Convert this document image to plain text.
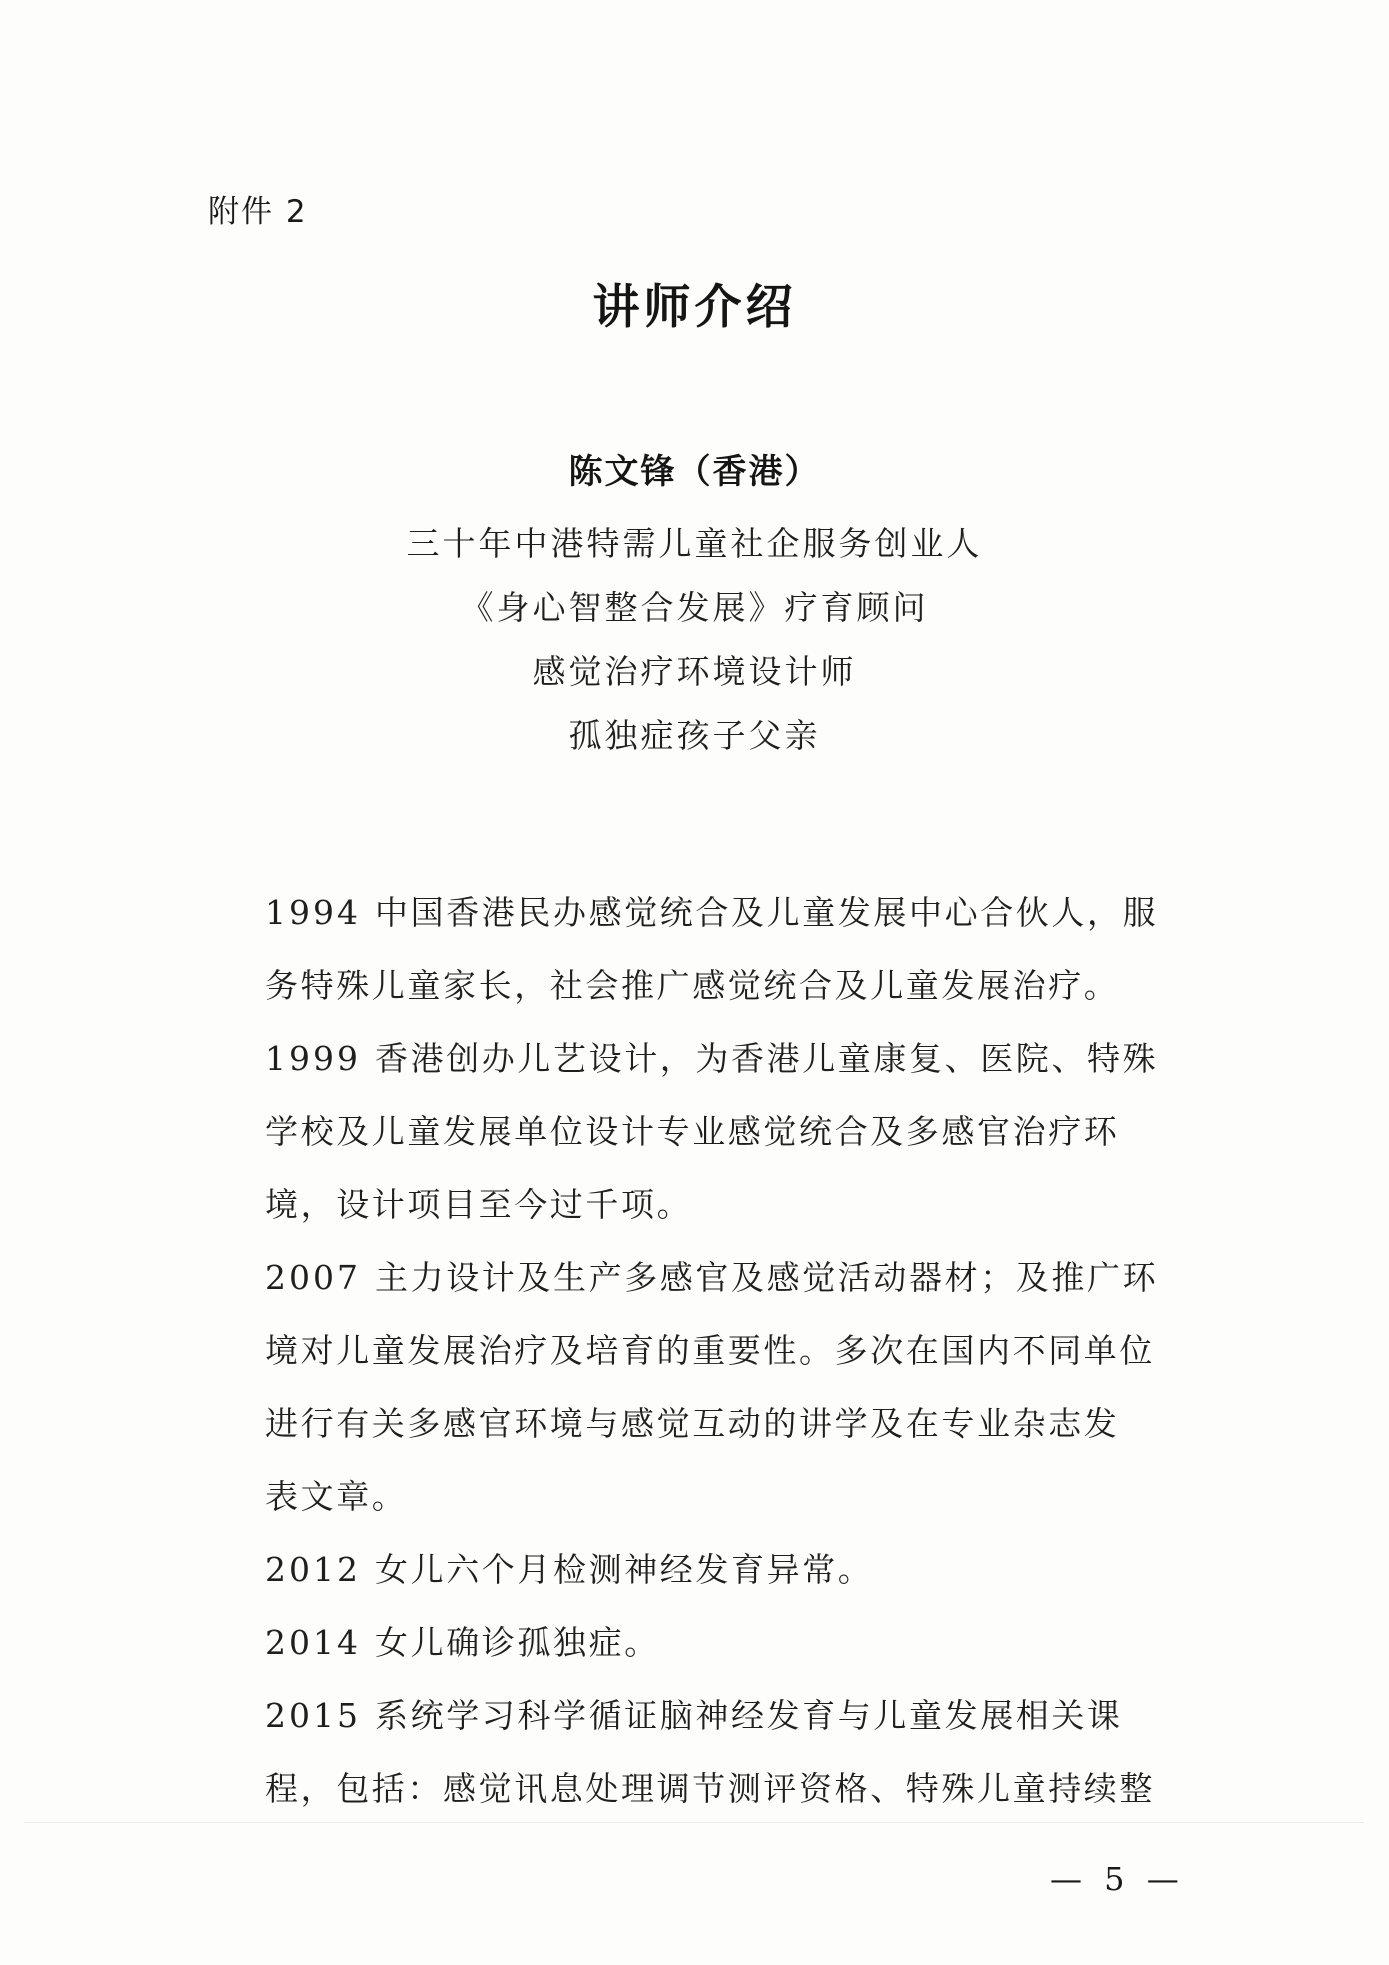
附件 2
讲师介绍
陈文锋（香港）
三十年中港特需儿童社企服务创业人
《身心智整合发展》疗育顾问
感觉治疗环境设计师
孤独症孩子父亲
1994 中国香港民办感觉统合及儿童发展中心合伙人，服
务特殊儿童家长，社会推广感觉统合及儿童发展治疗。
1999 香港创办儿艺设计，为香港儿童康复、医院、特殊
学校及儿童发展单位设计专业感觉统合及多感官治疗环
境，设计项目至今过千项。
2007 主力设计及生产多感官及感觉活动器材；及推广环
境对儿童发展治疗及培育的重要性。多次在国内不同单位
进行有关多感官环境与感觉互动的讲学及在专业杂志发
表文章。
2012 女儿六个月检测神经发育异常。
2014 女儿确诊孤独症。
2015 系统学习科学循证脑神经发育与儿童发展相关课
程，包括：感觉讯息处理调节测评资格、特殊儿童持续整
— 5 —
